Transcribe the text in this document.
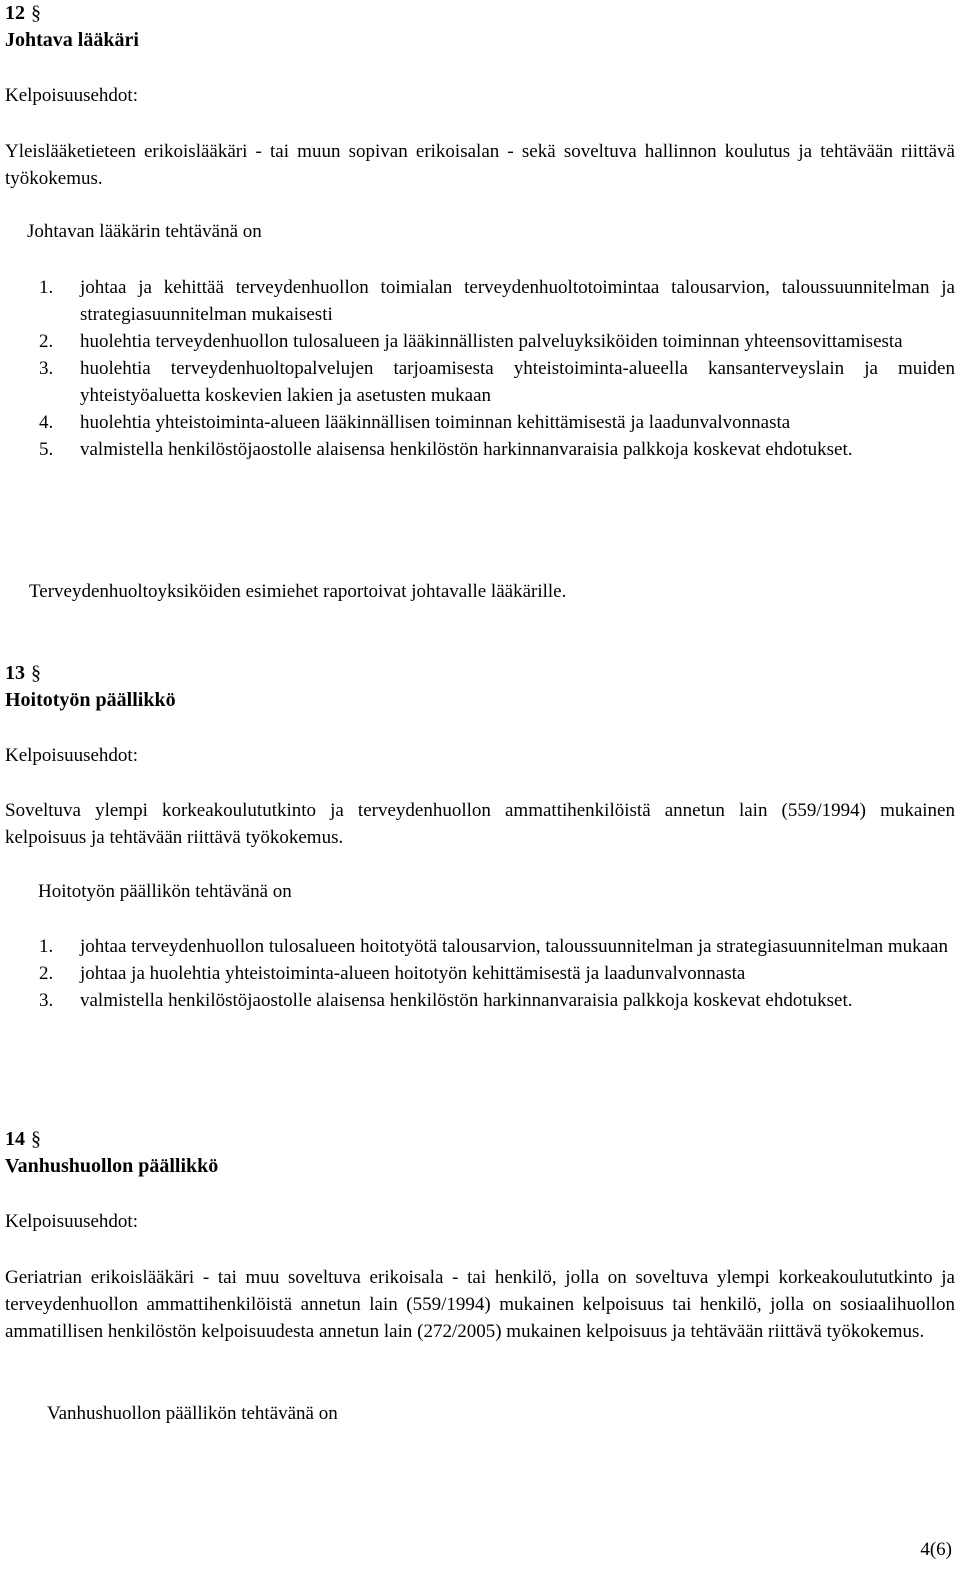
12 §
Johtava lääkäri
Kelpoisuusehdot:
Yleislääketieteen erikoislääkäri - tai muun sopivan erikoisalan - sekä soveltuva hallinnon koulutus ja tehtävään riittävä työkokemus.
Johtavan lääkärin tehtävänä on
1. johtaa ja kehittää terveydenhuollon toimialan terveydenhuoltotoimintaa talousarvion, taloussuunnitelman ja strategiasuunnitelman mukaisesti
2. huolehtia terveydenhuollon tulosalueen ja lääkinnällisten palveluyksiköiden toiminnan yhteensovittamisesta
3. huolehtia terveydenhuoltopalvelujen tarjoamisesta yhteistoiminta-alueella kansanterveyslain ja muiden yhteistyöaluetta koskevien lakien ja asetusten mukaan
4. huolehtia yhteistoiminta-alueen lääkinnällisen toiminnan kehittämisestä ja laadunvalvonnasta
5. valmistella henkilöstöjaostolle alaisensa henkilöstön harkinnanvaraisia palkkoja koskevat ehdotukset.
Terveydenhuoltoyksiköiden esimiehet raportoivat johtavalle lääkärille.
13 §
Hoitotyön päällikkö
Kelpoisuusehdot:
Soveltuva ylempi korkeakoulututkinto ja terveydenhuollon ammattihenkilöistä annetun lain (559/1994) mukainen kelpoisuus ja tehtävään riittävä työkokemus.
Hoitotyön päällikön tehtävänä on
1. johtaa terveydenhuollon tulosalueen hoitotyötä talousarvion, taloussuunnitelman ja strategiasuunnitelman mukaan
2. johtaa ja huolehtia yhteistoiminta-alueen hoitotyön kehittämisestä ja laadunvalvonnasta
3. valmistella henkilöstöjaostolle alaisensa henkilöstön harkinnanvaraisia palkkoja koskevat ehdotukset.
14 §
Vanhushuollon päällikkö
Kelpoisuusehdot:
Geriatrian erikoislääkäri - tai muu soveltuva erikoisala - tai henkilö, jolla on soveltuva ylempi korkeakoulututkinto ja terveydenhuollon ammattihenkilöistä annetun lain (559/1994) mukainen kelpoisuus tai henkilö, jolla on sosiaalihuollon ammatillisen henkilöstön kelpoisuudesta annetun lain (272/2005) mukainen kelpoisuus ja tehtävään riittävä työkokemus.
Vanhushuollon päällikön tehtävänä on
4(6)
